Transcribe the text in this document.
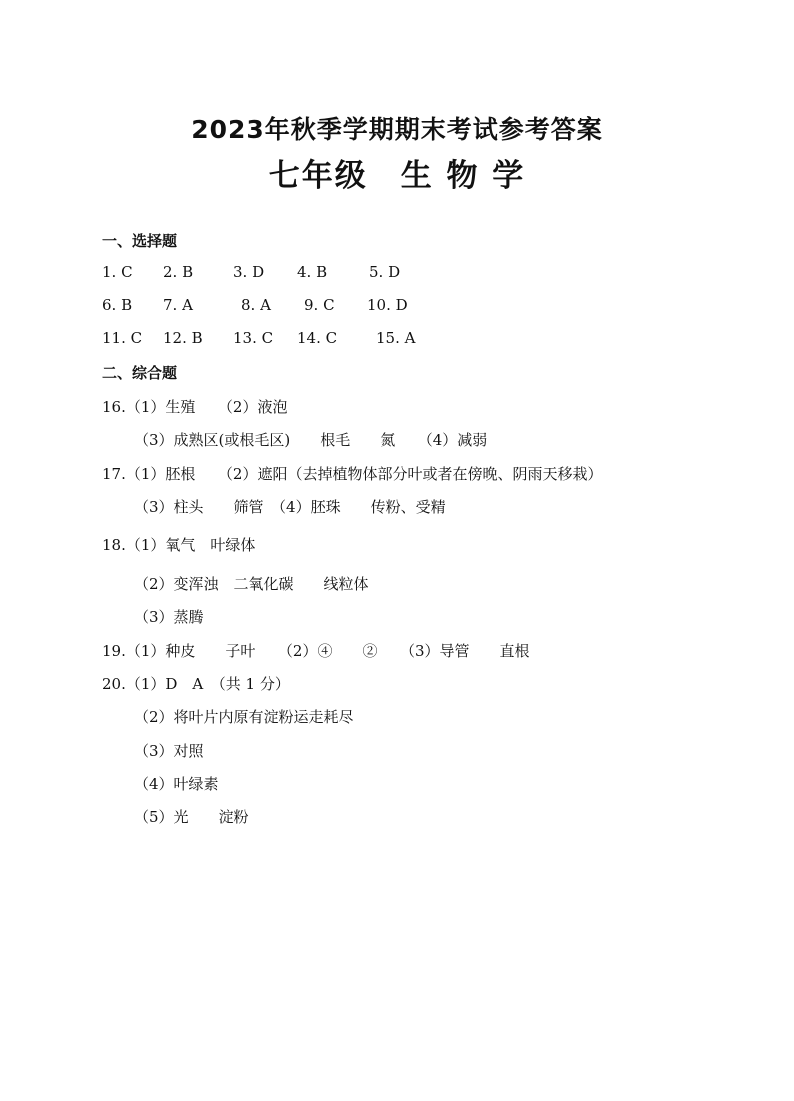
2023年秋季学期期末考试参考答案
七年级　生 物 学
一、选择题
1. C 2. B	3. D 4. B	5. D
6. B 7. A	8. A 9. C 10. D
11. C 12. B 13. C 14. C	15. A
二、综合题
16.（1）生殖　　（2）液泡
（3）成熟区(或根毛区)　　根毛　　氮　　（4）减弱
17.（1）胚根　　（2）遮阳（去掉植物体部分叶或者在傍晚、阴雨天移栽）
（3）柱头　　筛管　（4）胚珠　　传粉、受精
18.（1）氧气　叶绿体
（2）变浑浊　二氧化碳　　线粒体
（3）蒸腾
19.（1）种皮　　子叶　　（2）④　　②　　（3）导管　　直根
20.（1）D　A　（共 1 分）
（2）将叶片内原有淀粉运走耗尽
（3）对照
（4）叶绿素
（5）光　　淀粉
